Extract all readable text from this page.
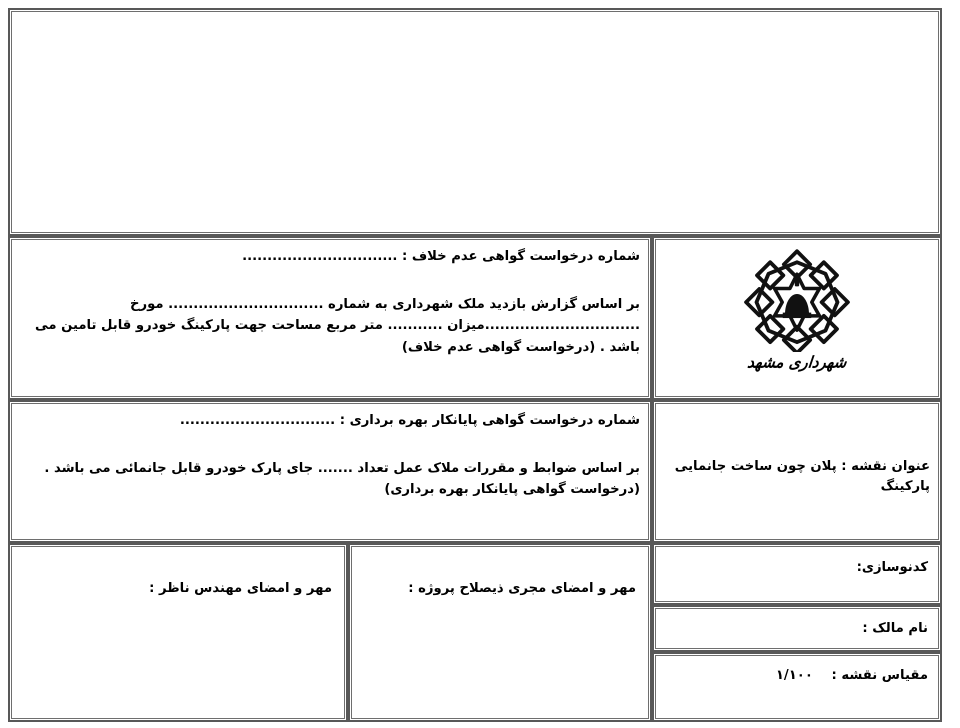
شماره درخواست گواهی عدم خلاف : ...............................
بر اساس گزارش بازدید ملک شهرداری به شماره ............................... مورخ ...............................میزان ........... متر مربع مساحت جهت پارکینگ خودرو قابل تامین می باشد . (درخواست گواهی عدم خلاف)
شهرداری مشهد
شماره درخواست گواهی پایانکار بهره برداری : ...............................
بر اساس ضوابط و مقررات ملاک عمل تعداد ....... جای پارک خودرو قابل جانمائی می باشد . (درخواست گواهی پایانکار بهره برداری)
عنوان نقشه : پلان چون ساخت جانمایی پارکینگ
مهر و امضای مهندس ناظر :	مهر و امضای مجری ذیصلاح پروژه :
کدنوسازی:
نام مالک :
مقیاس نقشه : ۱/۱۰۰
